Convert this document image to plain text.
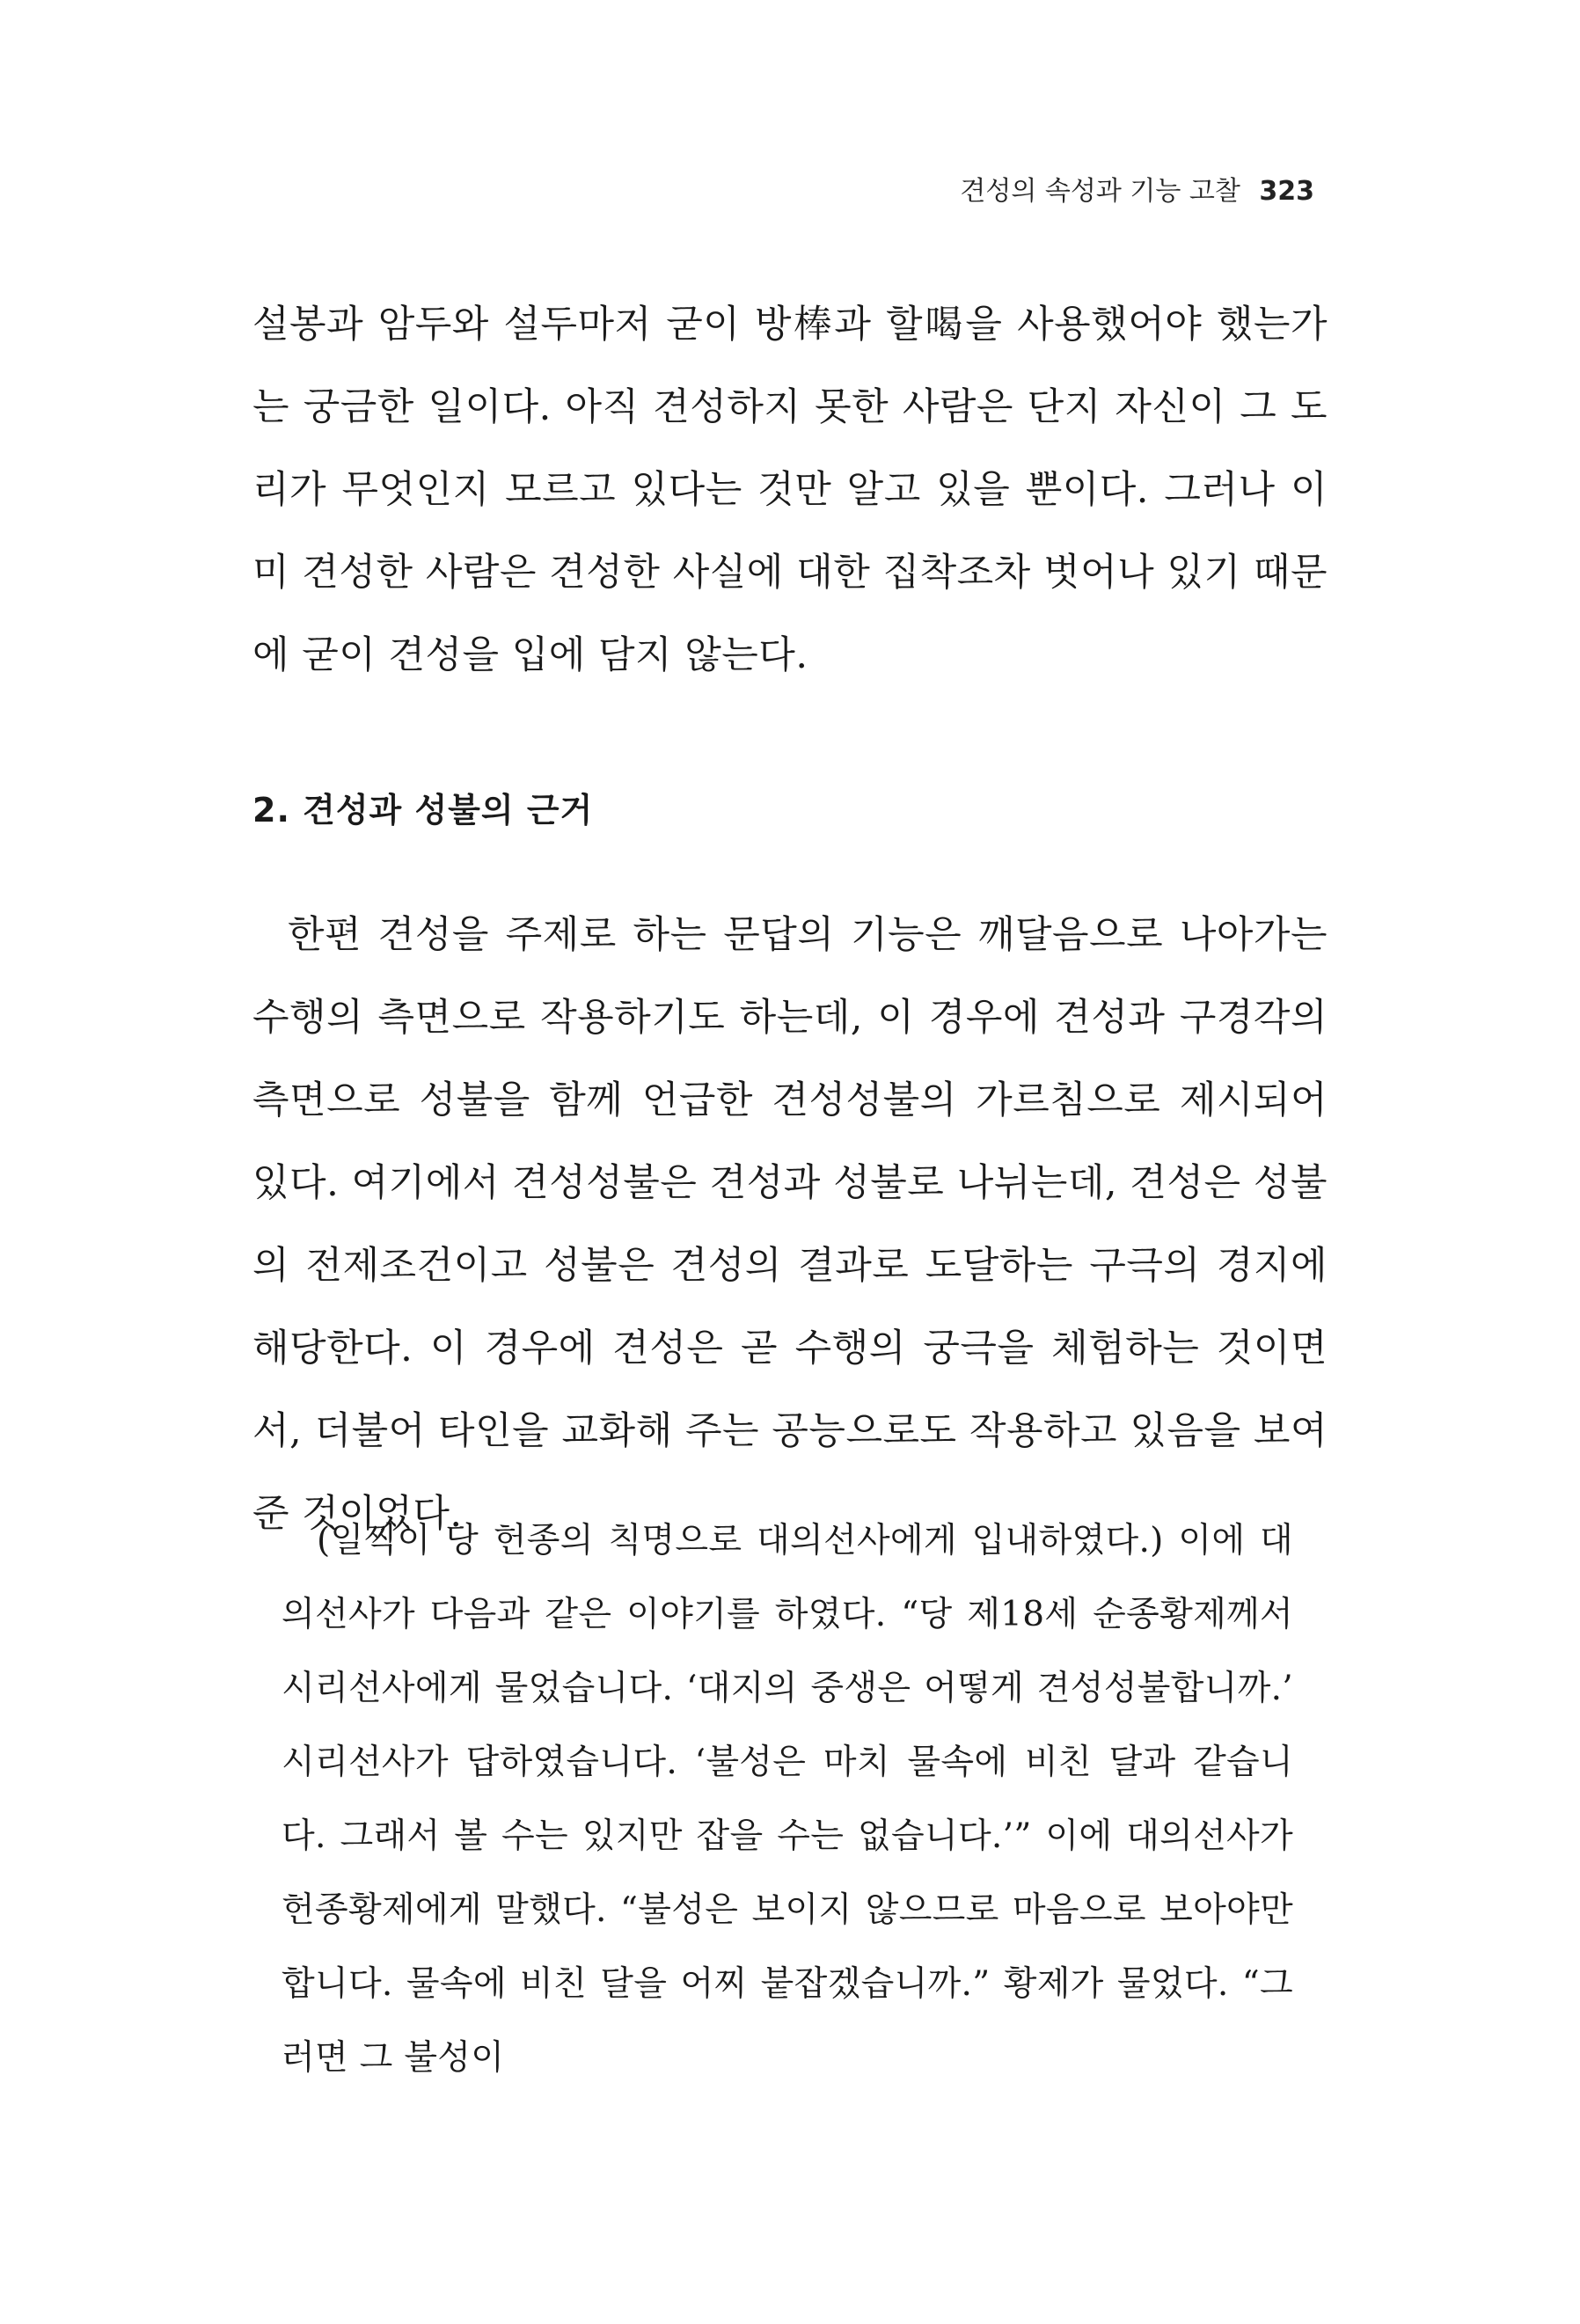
견성의 속성과 기능 고찰 323

설봉과 암두와 설두마저 굳이 방棒과 할喝을 사용했어야 했는가는 궁금한 일이다. 아직 견성하지 못한 사람은 단지 자신이 그 도리가 무엇인지 모르고 있다는 것만 알고 있을 뿐이다. 그러나 이미 견성한 사람은 견성한 사실에 대한 집착조차 벗어나 있기 때문에 굳이 견성을 입에 담지 않는다.

2. 견성과 성불의 근거

한편 견성을 주제로 하는 문답의 기능은 깨달음으로 나아가는 수행의 측면으로 작용하기도 하는데, 이 경우에 견성과 구경각의 측면으로 성불을 함께 언급한 견성성불의 가르침으로 제시되어 있다. 여기에서 견성성불은 견성과 성불로 나뉘는데, 견성은 성불의 전제조건이고 성불은 견성의 결과로 도달하는 구극의 경지에 해당한다. 이 경우에 견성은 곧 수행의 궁극을 체험하는 것이면서, 더불어 타인을 교화해 주는 공능으로도 작용하고 있음을 보여준 것이었다.

(일찍이 당 헌종의 칙명으로 대의선사에게 입내하였다.) 이에 대의선사가 다음과 같은 이야기를 하였다. “당 제18세 순종황제께서 시리선사에게 물었습니다. ‘대지의 중생은 어떻게 견성성불합니까.’ 시리선사가 답하였습니다. ‘불성은 마치 물속에 비친 달과 같습니다. 그래서 볼 수는 있지만 잡을 수는 없습니다.’” 이에 대의선사가 헌종황제에게 말했다. “불성은 보이지 않으므로 마음으로 보아야만 합니다. 물속에 비친 달을 어찌 붙잡겠습니까.” 황제가 물었다. “그러면 그 불성이
